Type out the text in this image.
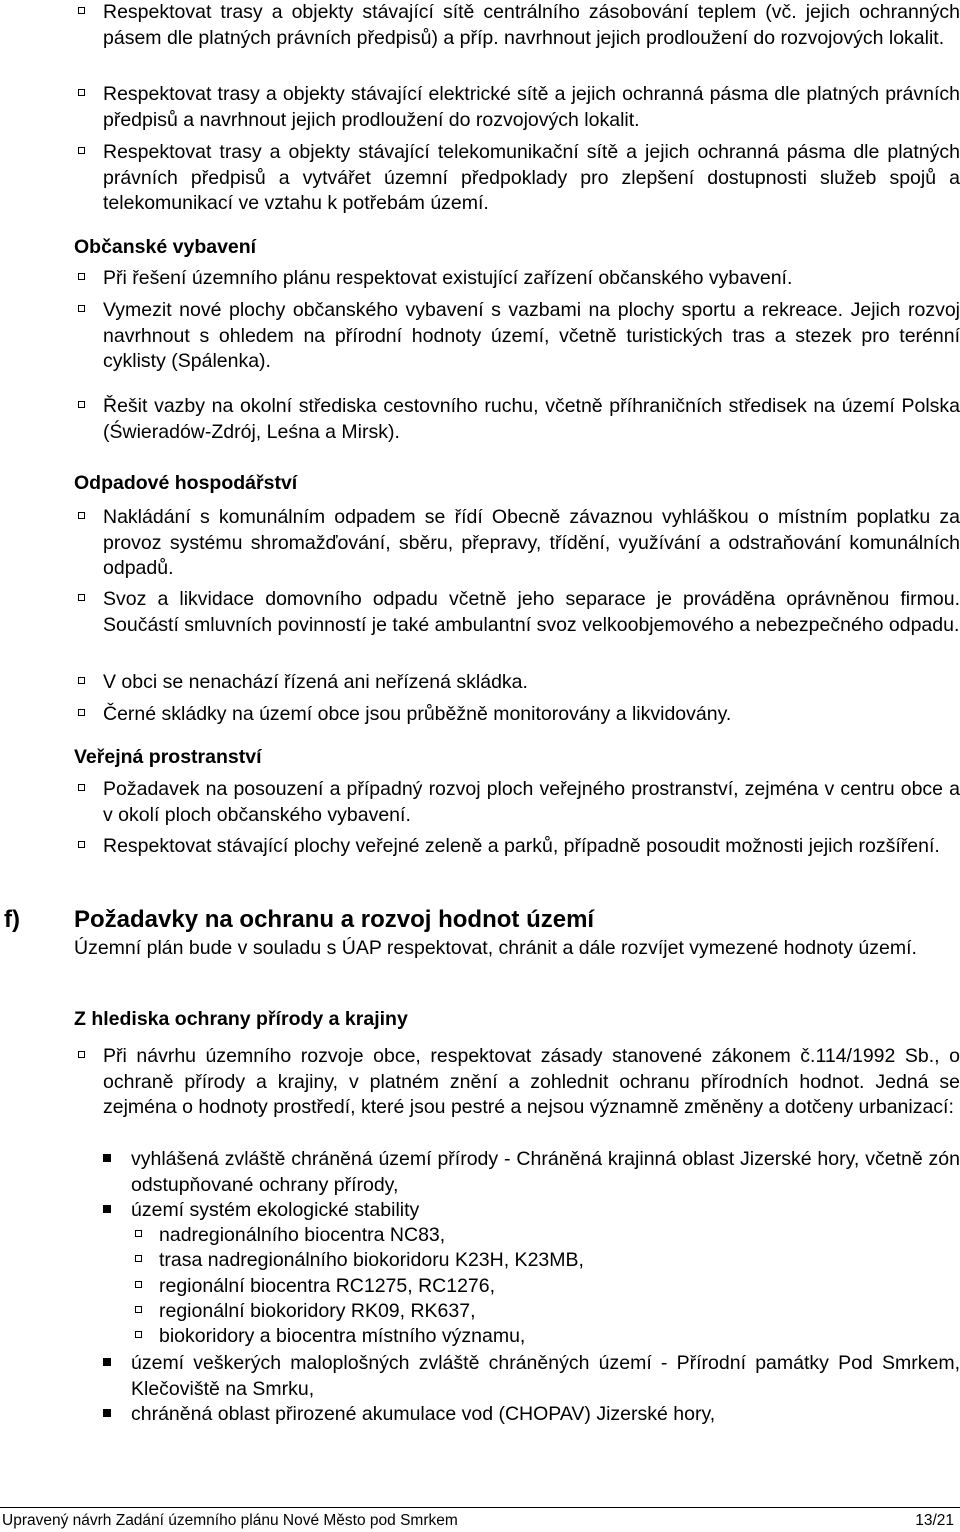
Respektovat trasy a objekty stávající sítě centrálního zásobování teplem (vč. jejich ochranných pásem dle platných právních předpisů) a příp. navrhnout jejich prodloužení do rozvojových lokalit.
Respektovat trasy a objekty stávající elektrické sítě a jejich ochranná pásma dle platných právních předpisů a navrhnout jejich prodloužení do rozvojových lokalit.
Respektovat trasy a objekty stávající telekomunikační sítě a jejich ochranná pásma dle platných právních předpisů a vytvářet územní předpoklady pro zlepšení dostupnosti služeb spojů a telekomunikací ve vztahu k potřebám území.
Občanské vybavení
Při řešení územního plánu respektovat existující zařízení občanského vybavení.
Vymezit nové plochy občanského vybavení s vazbami na plochy sportu a rekreace. Jejich rozvoj navrhnout s ohledem na přírodní hodnoty území, včetně turistických tras a stezek pro terénní cyklisty (Spálenka).
Řešit vazby na okolní střediska cestovního ruchu, včetně příhraničních středisek na území Polska (Świeradów-Zdrój, Leśna a Mirsk).
Odpadové hospodářství
Nakládání s komunálním odpadem se řídí Obecně závaznou vyhláškou o místním poplatku za provoz systému shromažďování, sběru, přepravy, třídění, využívání a odstraňování komunálních odpadů.
Svoz a likvidace domovního odpadu včetně jeho separace je prováděna oprávněnou firmou. Součástí smluvních povinností je také ambulantní svoz velkoobjemového a nebezpečného odpadu.
V obci se nenachází řízená ani neřízená skládka.
Černé skládky na území obce jsou průběžně monitorovány a likvidovány.
Veřejná prostranství
Požadavek na posouzení a případný rozvoj ploch veřejného prostranství, zejména v centru obce a v okolí ploch občanského vybavení.
Respektovat stávající plochy veřejné zeleně a parků, případně posoudit možnosti jejich rozšíření.
f) Požadavky na ochranu a rozvoj hodnot území
Územní plán bude v souladu s ÚAP respektovat, chránit a dále rozvíjet vymezené hodnoty území.
Z hlediska ochrany přírody a krajiny
Při návrhu územního rozvoje obce, respektovat zásady stanovené zákonem č.114/1992 Sb., o ochraně přírody a krajiny, v platném znění a zohlednit ochranu přírodních hodnot. Jedná se zejména o hodnoty prostředí, které jsou pestré a nejsou významně změněny a dotčeny urbanizací:
vyhlášená zvláště chráněná území přírody - Chráněná krajinná oblast Jizerské hory, včetně zón odstupňované ochrany přírody,
území systém ekologické stability
nadregionálního biocentra NC83,
trasa nadregionálního biokoridoru K23H, K23MB,
regionální biocentra RC1275, RC1276,
regionální biokoridory RK09, RK637,
biokoridory a biocentra místního významu,
území veškerých maloplošných zvláště chráněných území - Přírodní památky Pod Smrkem, Klečoviště na Smrku,
chráněná oblast přirozené akumulace vod (CHOPAV) Jizerské hory,
Upravený návrh Zadání územního plánu Nové Město pod Smrkem	13/21
